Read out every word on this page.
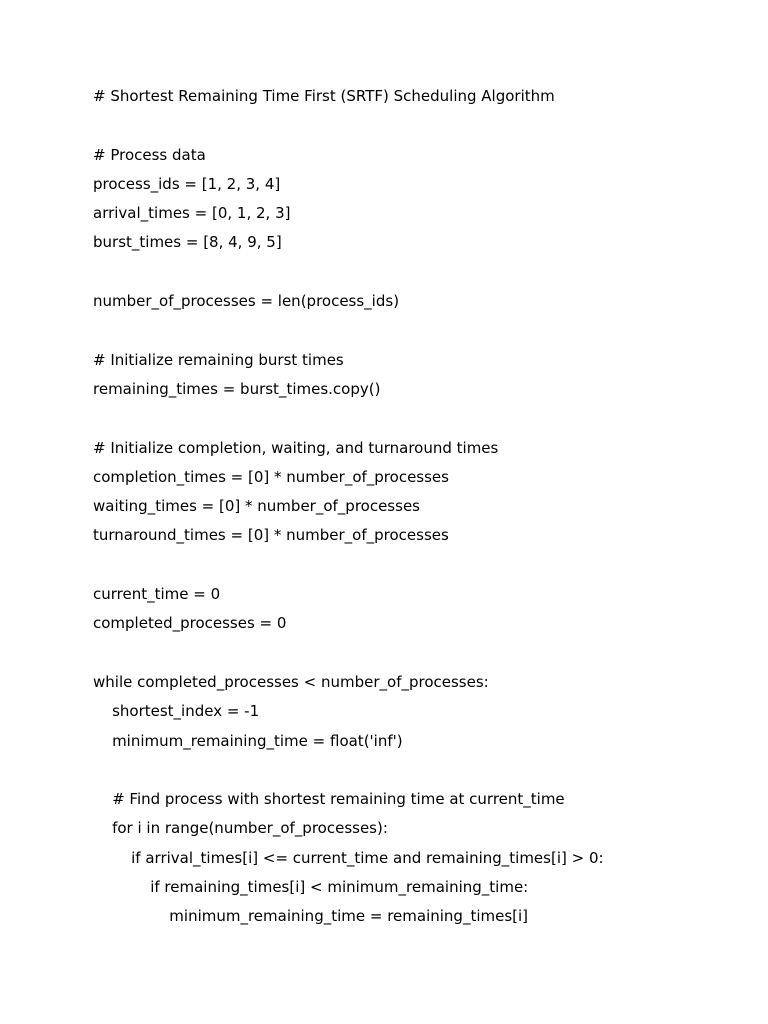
# Shortest Remaining Time First (SRTF) Scheduling Algorithm
# Process data
process_ids = [1, 2, 3, 4]
arrival_times = [0, 1, 2, 3]
burst_times = [8, 4, 9, 5]
number_of_processes = len(process_ids)
# Initialize remaining burst times
remaining_times = burst_times.copy()
# Initialize completion, waiting, and turnaround times
completion_times = [0] * number_of_processes
waiting_times = [0] * number_of_processes
turnaround_times = [0] * number_of_processes
current_time = 0
completed_processes = 0
while completed_processes < number_of_processes:
shortest_index = -1
minimum_remaining_time = float('inf')
# Find process with shortest remaining time at current_time
for i in range(number_of_processes):
if arrival_times[i] <= current_time and remaining_times[i] > 0:
if remaining_times[i] < minimum_remaining_time:
minimum_remaining_time = remaining_times[i]
